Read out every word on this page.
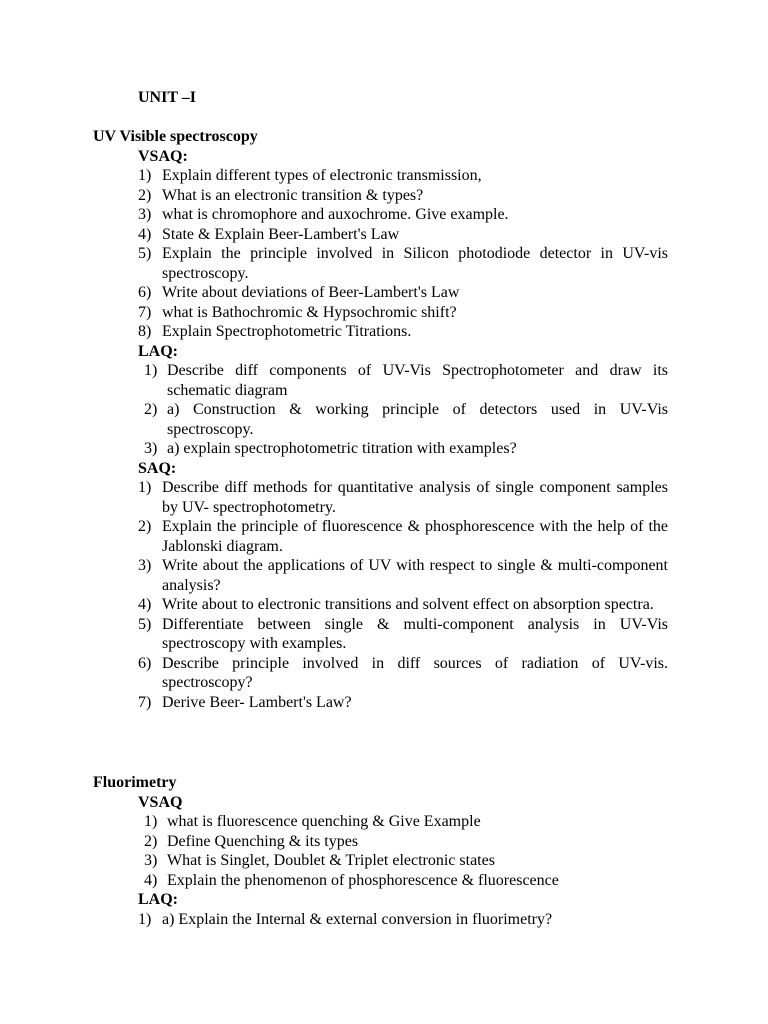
UNIT –I
UV Visible spectroscopy
VSAQ:
1) Explain different types of electronic transmission,
2) What is an electronic transition & types?
3) what is chromophore and auxochrome. Give example.
4) State & Explain Beer-Lambert's Law
5) Explain the principle involved in Silicon photodiode detector in UV-vis spectroscopy.
6) Write about deviations of Beer-Lambert's Law
7) what is Bathochromic & Hypsochromic shift?
8) Explain Spectrophotometric Titrations.
LAQ:
1) Describe diff components of UV-Vis Spectrophotometer and draw its schematic diagram
2) a) Construction & working principle of detectors used in UV-Vis spectroscopy.
3) a) explain spectrophotometric titration with examples?
SAQ:
1) Describe diff methods for quantitative analysis of single component samples by UV- spectrophotometry.
2) Explain the principle of fluorescence & phosphorescence with the help of the Jablonski diagram.
3) Write about the applications of UV with respect to single & multi-component analysis?
4) Write about to electronic transitions and solvent effect on absorption spectra.
5) Differentiate between single & multi-component analysis in UV-Vis spectroscopy with examples.
6) Describe principle involved in diff sources of radiation of UV-vis. spectroscopy?
7) Derive Beer- Lambert's Law?
Fluorimetry
VSAQ
1) what is fluorescence quenching & Give Example
2) Define Quenching & its types
3) What is Singlet, Doublet & Triplet electronic states
4) Explain the phenomenon of phosphorescence & fluorescence
LAQ:
1) a) Explain the Internal & external conversion in fluorimetry?
